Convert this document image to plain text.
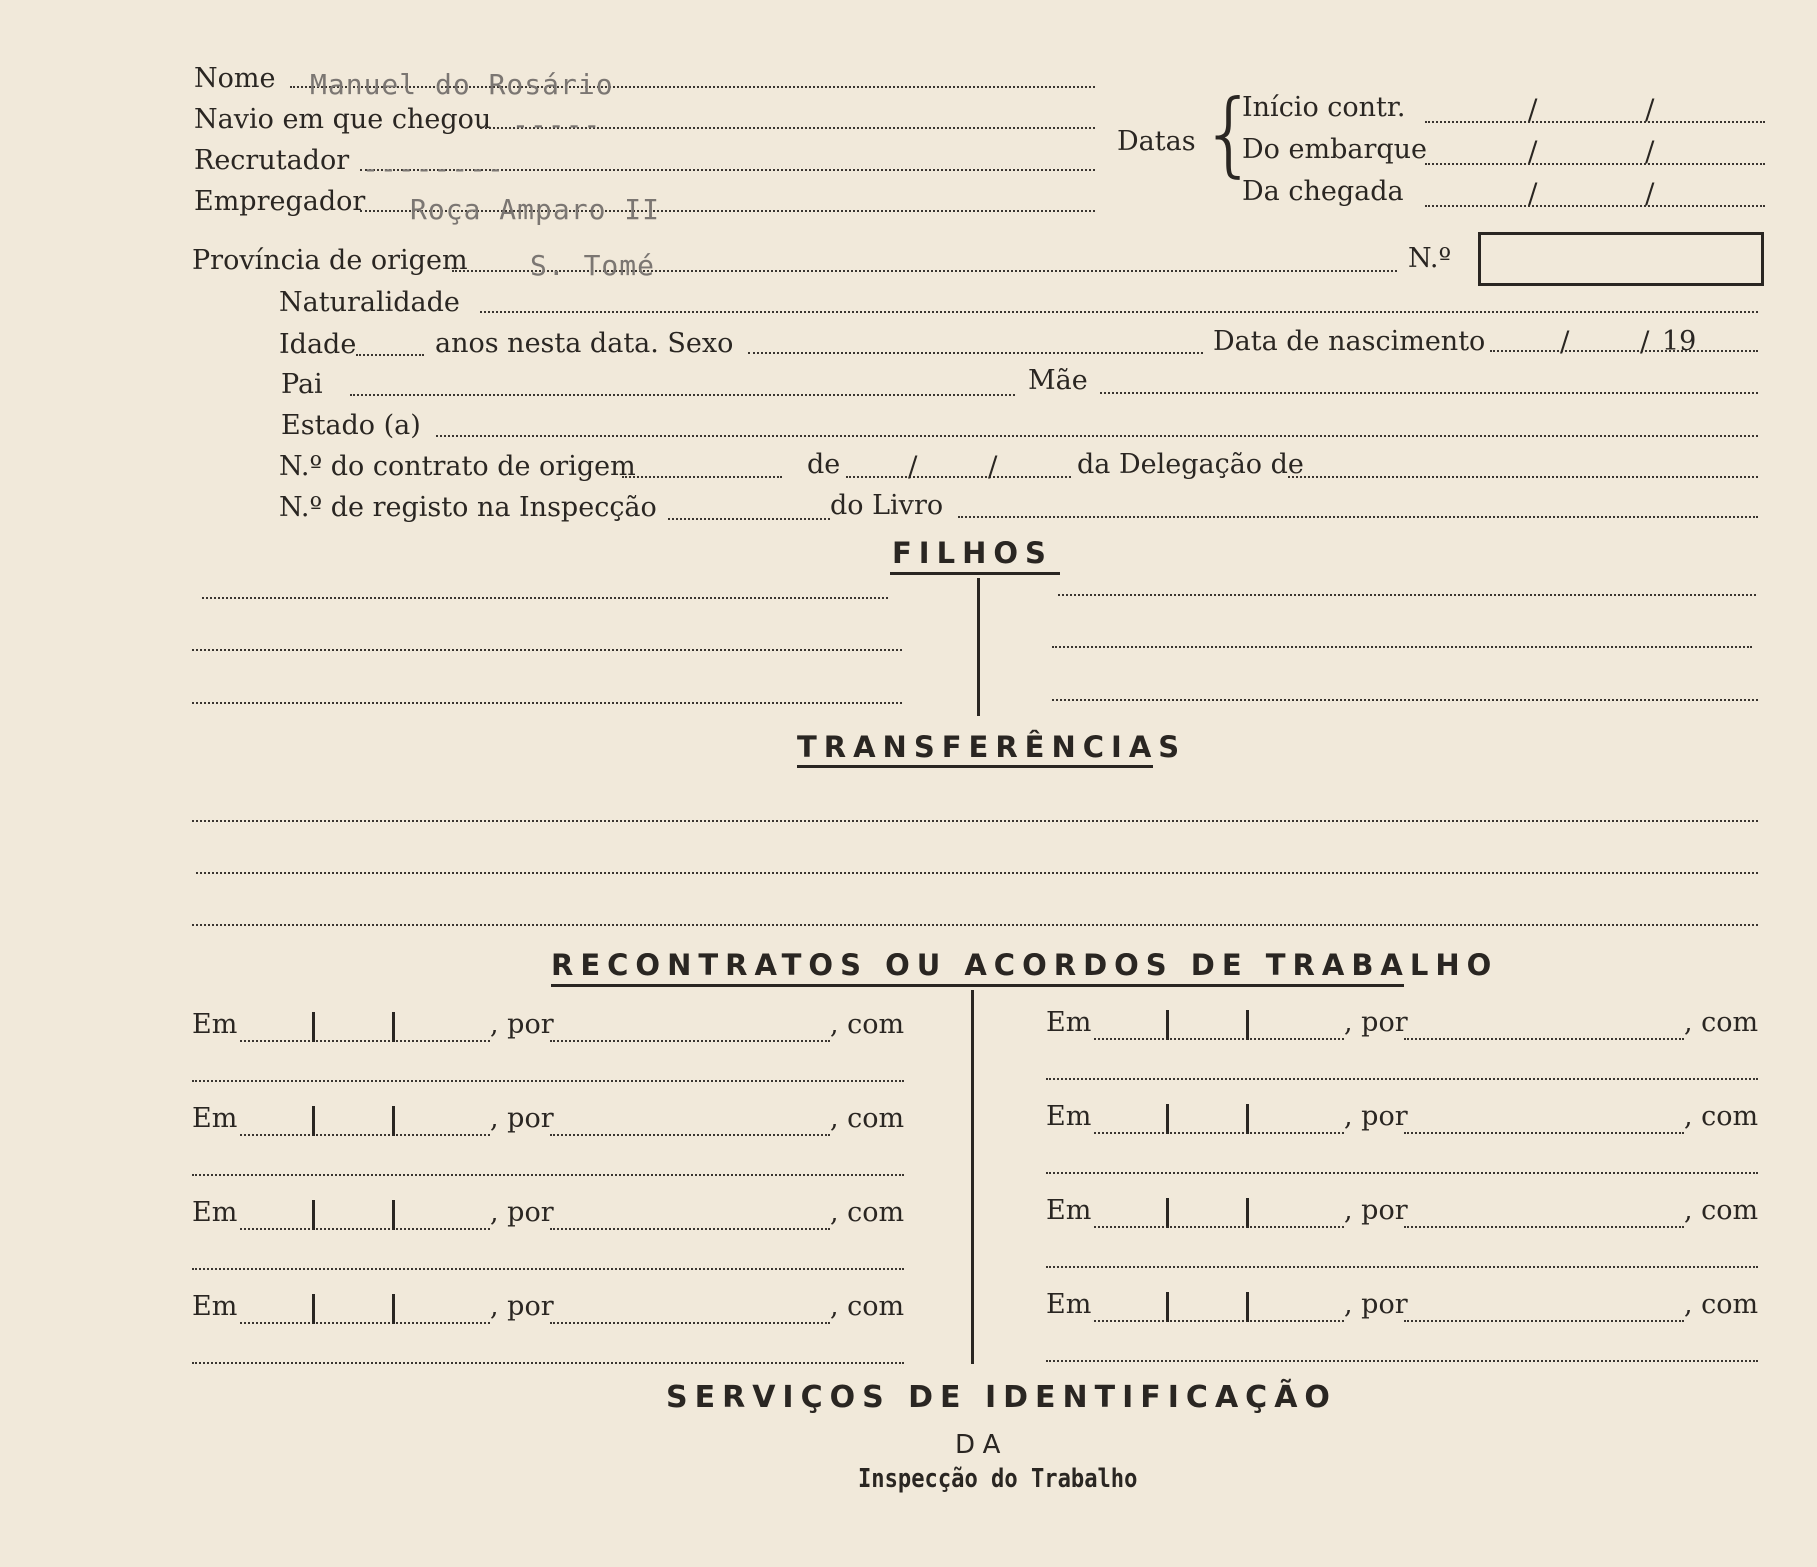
Nome Manuel do Rosário
Navio em que chegou -----
Recrutador --------
Empregador Roça Amparo II
Datas {
Início contr.	/	/
Do embarque	/	/
Da chegada	/	/
Província de origem S. Tomé	N.º
Naturalidade
Idade	anos nesta data. Sexo	Data de nascimento	/	/ 19
Pai	Mãe
Estado (a)
N.º do contrato de origem	de /	/	da Delegação de
N.º de registo na Inspecção	do Livro
FILHOS
TRANSFERÊNCIAS
RECONTRATOS OU ACORDOS DE TRABALHO
Em	, por	, com	Em	, por	, com
Em	, por	, com	Em	, por	, com
Em	, por	, com	Em	, por	, com
Em	, por	, com	Em	, por	, com
SERVIÇOS DE IDENTIFICAÇÃO
DA
Inspecção do Trabalho
